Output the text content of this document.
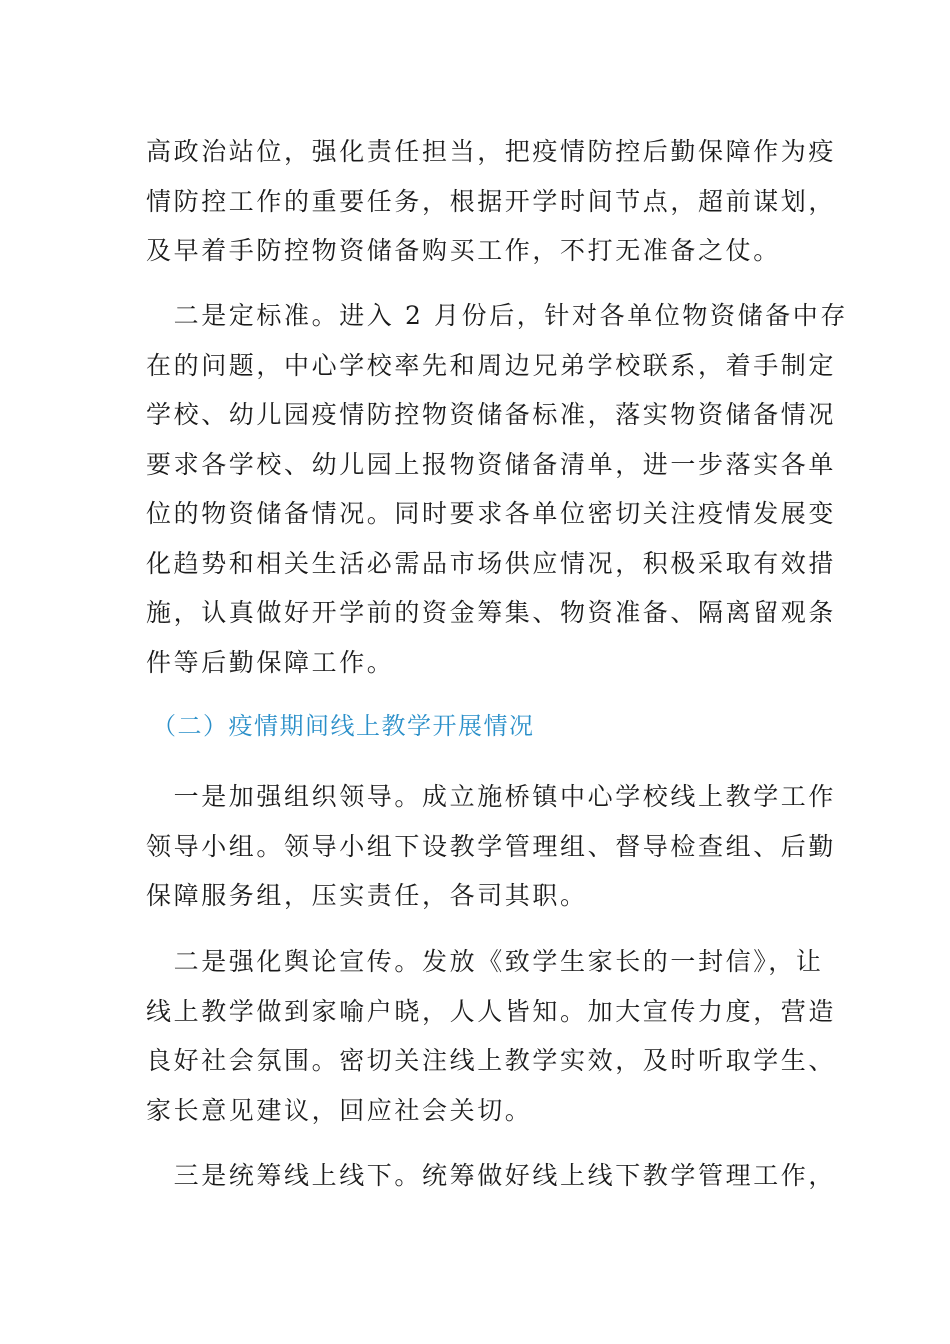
高政治站位，强化责任担当，把疫情防控后勤保障作为疫
情防控工作的重要任务，根据开学时间节点，超前谋划，
及早着手防控物资储备购买工作，不打无准备之仗。
　二是定标准。进入 2 月份后，针对各单位物资储备中存
在的问题，中心学校率先和周边兄弟学校联系，着手制定
学校、幼儿园疫情防控物资储备标准，落实物资储备情况
要求各学校、幼儿园上报物资储备清单，进一步落实各单
位的物资储备情况。同时要求各单位密切关注疫情发展变
化趋势和相关生活必需品市场供应情况，积极采取有效措
施，认真做好开学前的资金筹集、物资准备、隔离留观条
件等后勤保障工作。
（二）疫情期间线上教学开展情况
　一是加强组织领导。成立施桥镇中心学校线上教学工作
领导小组。领导小组下设教学管理组、督导检查组、后勤
保障服务组，压实责任，各司其职。
　二是强化舆论宣传。发放《致学生家长的一封信》，让
线上教学做到家喻户晓，人人皆知。加大宣传力度，营造
良好社会氛围。密切关注线上教学实效，及时听取学生、
家长意见建议，回应社会关切。
　三是统筹线上线下。统筹做好线上线下教学管理工作，
